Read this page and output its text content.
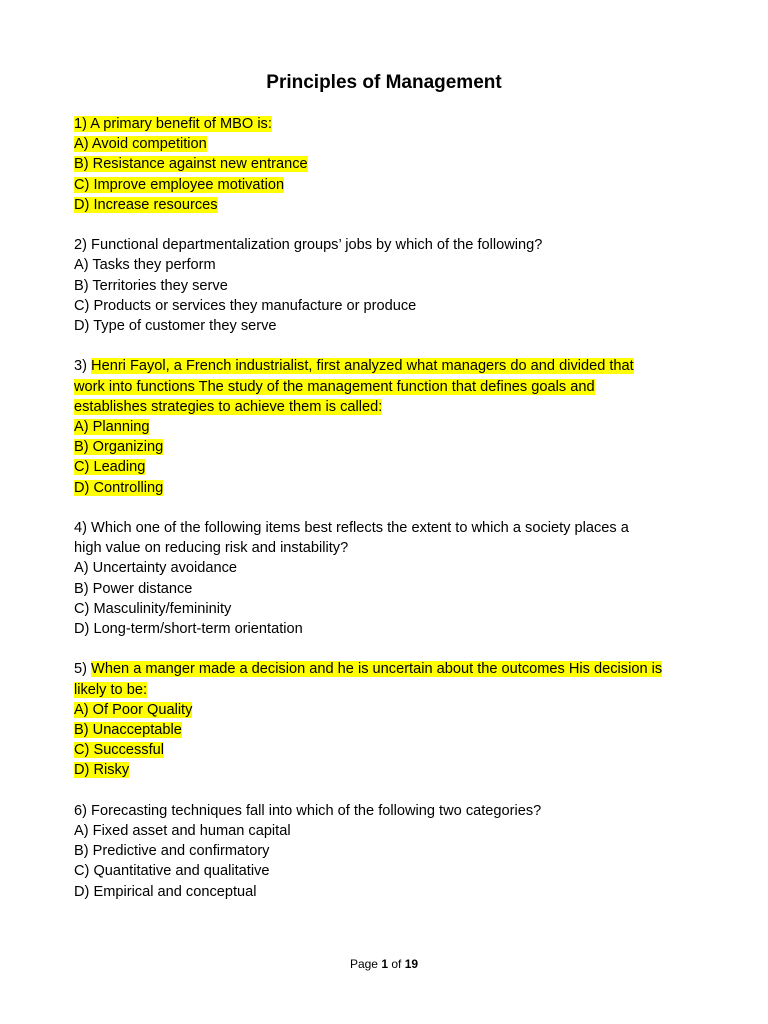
Principles of Management
1) A primary benefit of MBO is:
A) Avoid competition
B) Resistance against new entrance
C) Improve employee motivation
D) Increase resources
2) Functional departmentalization groups’ jobs by which of the following?
A) Tasks they perform
B) Territories they serve
C) Products or services they manufacture or produce
D) Type of customer they serve
3) Henri Fayol, a French industrialist, first analyzed what managers do and divided that
work into functions The study of the management function that defines goals and
establishes strategies to achieve them is called:
A) Planning
B) Organizing
C) Leading
D) Controlling
4) Which one of the following items best reflects the extent to which a society places a
high value on reducing risk and instability?
A) Uncertainty avoidance
B) Power distance
C) Masculinity/femininity
D) Long-term/short-term orientation
5) When a manger made a decision and he is uncertain about the outcomes His decision is
likely to be:
A) Of Poor Quality
B) Unacceptable
C) Successful
D) Risky
6) Forecasting techniques fall into which of the following two categories?
A) Fixed asset and human capital
B) Predictive and confirmatory
C) Quantitative and qualitative
D) Empirical and conceptual
Page 1 of 19
